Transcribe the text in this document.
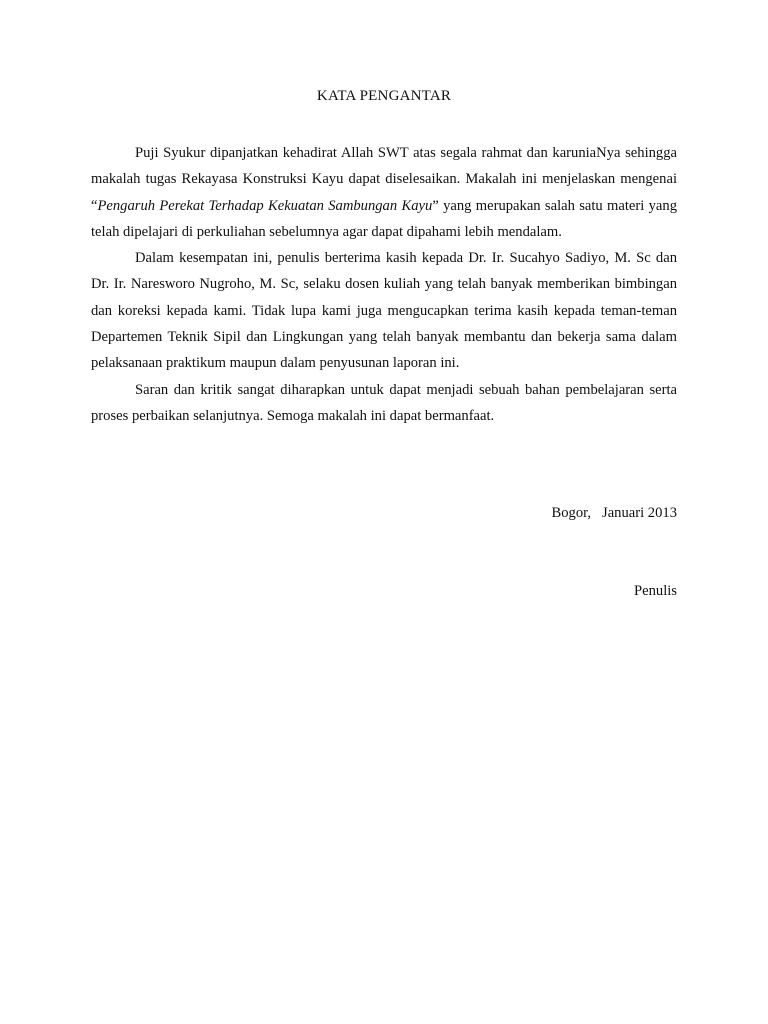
KATA PENGANTAR

Puji Syukur dipanjatkan kehadirat Allah SWT atas segala rahmat dan karuniaNya sehingga makalah tugas Rekayasa Konstruksi Kayu dapat diselesaikan. Makalah ini menjelaskan mengenai “Pengaruh Perekat Terhadap Kekuatan Sambungan Kayu” yang merupakan salah satu materi yang telah dipelajari di perkuliahan sebelumnya agar dapat dipahami lebih mendalam.

Dalam kesempatan ini, penulis berterima kasih kepada Dr. Ir. Sucahyo Sadiyo, M. Sc dan Dr. Ir. Naresworo Nugroho, M. Sc, selaku dosen kuliah yang telah banyak memberikan bimbingan dan koreksi kepada kami. Tidak lupa kami juga mengucapkan terima kasih kepada teman-teman Departemen Teknik Sipil dan Lingkungan yang telah banyak membantu dan bekerja sama dalam pelaksanaan praktikum maupun dalam penyusunan laporan ini.

Saran dan kritik sangat diharapkan untuk dapat menjadi sebuah bahan pembelajaran serta proses perbaikan selanjutnya. Semoga makalah ini dapat bermanfaat.

Bogor,   Januari 2013
Penulis
